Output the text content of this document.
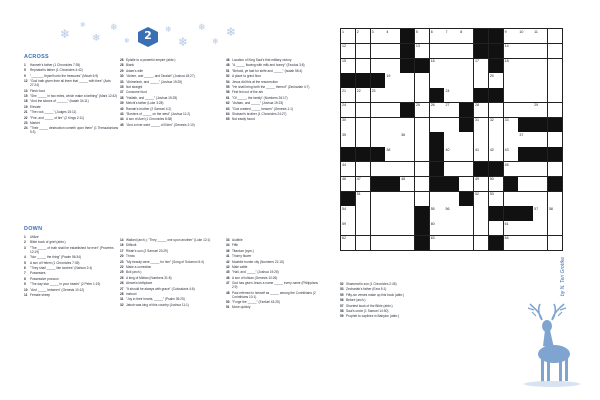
❄
❄
❄
❄
❄
❄
❄
❄
❄
❄
2
ACROSS
1	Hanneh's father (1 Chronicles 7:35)
5	Rephaiah's father (1 Chronicles 4:42)
9	"_______ thyself unto the treasures" (Micah 6:9)
12 "God hath given thee all them that _____ with thee" (Acts 27:24)
13 Flesh food
15 "She _____ in two mites, which make a farthing" (Mark 12:42)
18 "And the stones of ______" (Isaiah 34:11)
19 Elevate
21 "The rock _____" (Judges 15:11)
22 "Fire, and _____ of fire" (2 Kings 2:11)
23 Market
24 "Their _____ destruction cometh upon them" (1 Thessalonians 5:3)
26 Epistle to a powerful empire (abbr.)
28 Blank
29 Adam's wife
30 "Aelem, and _____, and Taralah" (Joshua 18:27)
33 "Ahimelech, and _____" (Joshua 19:25)
35 Not straight
37 Consume food
38 "Hallath, and _____" (Joshua 19:25)
39 Melchi's father (Luke 3:28)
40 Ramah's brother (2 Samuel 4:2)
43 "Borders of _____ on the west" (Joshua 11:2)
44 A son of Azel (1 Chronicles 8:38)
45 "And a river went _____ of Eden" (Genesis 2:10)
46 Location of King Saul's first military victory
48 "A _____ flowing with milk and honey" (Exodus 3:8)
51 "Behold, ye fast for strife and _____" (Isaiah 58:4)
52 A place to grind flour
54 Jesus did this at the resurrection
55 "He shall bring forth the _____ thereof" (Zechariah 4:7)
58 First fed out of the ark
61 "Of _____, the family" (Numbers 26:17)
62 "Ashtan, and _____" (Joshua 19:23)
63 "God created _____ heaven" (Genesis 1:1)
64 Shobani's brother (1 Chronicles 24:27)
65 Not easily found
DOWN
1	Utilize
2	Bible book of grief (abbr.)
3	"The _____ of truth shall be established for ever" (Proverbs 12:19)
4	"Nor _____ the thing" (Psalm 56:34)
5	A son of Helem (1 Chronicles 7:35)
6	"They shall _____ like torches" (Nahum 2:4)
7	Possesses
8	Possessive pronoun
9	"The day star _____ in your hearts" (2 Peter 1:19)
10 "And _____ between" (Genesis 10:12)
11 Female sheep
14 Walked (arch.); "They _____ one upon another" (Luke 12:1)
16 Difficult
17 Ribah's son (2 Samuel 23:29)
20 Throw
23 "My beauty were _____ for him" (Song of Solomon 5:4)
22 Make a correction
25 Boil (arch.)
26 A king of Midian (Numbers 31:8)
26 Abram's birthplace
27 "It should be always with grace" (Colossians 4:6)
28 Instruct
31 "Joy in their hearts, _____" (Psalm 35:25)
32 Jabob was king of this country (Joshua 11:1)
33 Audible
34 Fifth
36 Titanium (sym.)
41 Thorny flower
42 Moabite border city (Numbers 21:15)
42 Male cattle
45 "Hali, and _____" (Joshua 19:25)
46 A son of Ishkan (Genesis 10:26)
47 God has given Jesus a name _____ every name (Philippians 2:9)
48 Paul referred to himself as _____ among the Corinthians (2 Corinthians 10:1)
50 "Forge the _____" (Ezekiel 43:25)
51 Move quickly
52 Shammah's son (1 Chronicles 2:45)
53 Zechariah's father (Ezra 5:1)
55 Fifty-six verses make up this book (abbr.)
56 Before (arch.)
57 Shortest book of the Bible (abbr.)
58 Saul's uncle (1 Samuel 14:50)
59 Prophet to captives in Babylon (abbr.)
1	2	3	4	5	6	7	8	9	10	11
12	13	14
15	16	17	18
19	20
21	22	23	24
24	25	26	27	28	29
30	31	32	33
35	36	37
38	40	41	42	43
44	45
46	47	48	49	50
51	52	53
54	55	56	57	58
59	60	61
62	63	64
by N. Teri Grottke
